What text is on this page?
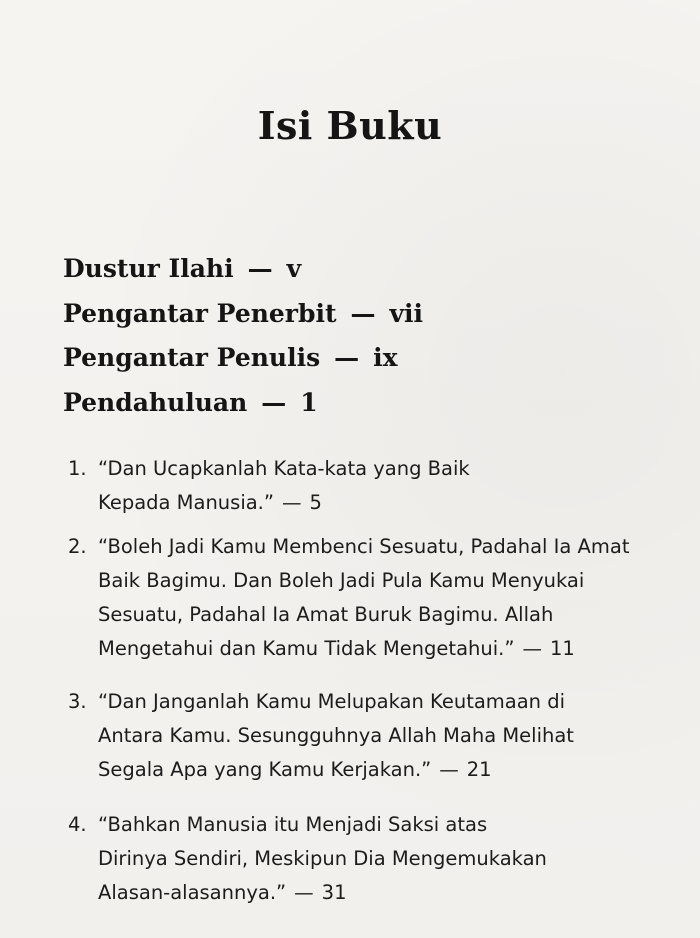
Isi Buku
Dustur Ilahi — v
Pengantar Penerbit — vii
Pengantar Penulis — ix
Pendahuluan — 1
1. “Dan Ucapkanlah Kata-kata yang Baik
Kepada Manusia.” — 5
2. “Boleh Jadi Kamu Membenci Sesuatu, Padahal Ia Amat
Baik Bagimu. Dan Boleh Jadi Pula Kamu Menyukai
Sesuatu, Padahal Ia Amat Buruk Bagimu. Allah
Mengetahui dan Kamu Tidak Mengetahui.” — 11
3. “Dan Janganlah Kamu Melupakan Keutamaan di
Antara Kamu. Sesungguhnya Allah Maha Melihat
Segala Apa yang Kamu Kerjakan.” — 21
4. “Bahkan Manusia itu Menjadi Saksi atas
Dirinya Sendiri, Meskipun Dia Mengemukakan
Alasan-alasannya.” — 31
